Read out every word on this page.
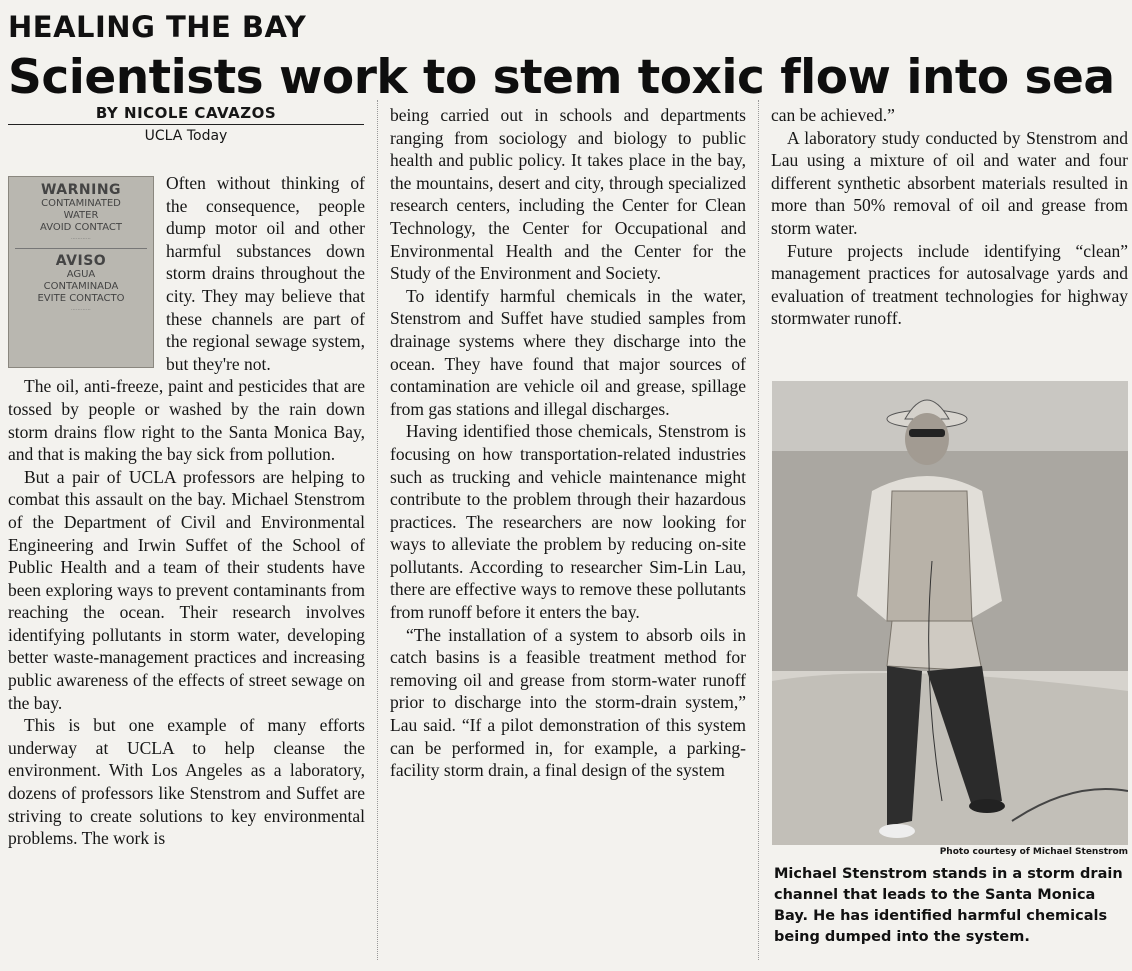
HEALING THE BAY
Scientists work to stem toxic flow into sea
BY NICOLE CAVAZOS
UCLA Today
WARNING
CONTAMINATED
WATER
AVOID CONTACT
⋯⋯⋯⋯
AVISO
AGUA
CONTAMINADA
EVITE CONTACTO
⋯⋯⋯⋯

Often without thinking of the consequence, people dump motor oil and other harmful substances down storm drains throughout the city. They may believe that these channels are part of the regional sewage system, but they're not.

The oil, anti-freeze, paint and pesticides that are tossed by people or washed by the rain down storm drains flow right to the Santa Monica Bay, and that is making the bay sick from pollution.

But a pair of UCLA professors are helping to combat this assault on the bay. Michael Stenstrom of the Department of Civil and Environmental Engineering and Irwin Suffet of the School of Public Health and a team of their students have been exploring ways to prevent contaminants from reaching the ocean. Their research involves identifying pollutants in storm water, developing better waste-management practices and increasing public awareness of the effects of street sewage on the bay.

This is but one example of many efforts underway at UCLA to help cleanse the environment. With Los Angeles as a laboratory, dozens of professors like Stenstrom and Suffet are striving to create solutions to key environmental problems. The work is

being carried out in schools and departments ranging from sociology and biology to public health and public policy. It takes place in the bay, the mountains, desert and city, through specialized research centers, including the Center for Clean Technology, the Center for Occupational and Environmental Health and the Center for the Study of the Environment and Society.

To identify harmful chemicals in the water, Stenstrom and Suffet have studied samples from drainage systems where they discharge into the ocean. They have found that major sources of contamination are vehicle oil and grease, spillage from gas stations and illegal discharges.

Having identified those chemicals, Stenstrom is focusing on how transportation-related industries such as trucking and vehicle maintenance might contribute to the problem through their hazardous practices. The researchers are now looking for ways to alleviate the problem by reducing on-site pollutants. According to researcher Sim-Lin Lau, there are effective ways to remove these pollutants from runoff before it enters the bay.

“The installation of a system to absorb oils in catch basins is a feasible treatment method for removing oil and grease from storm-water runoff prior to discharge into the storm-drain system,” Lau said. “If a pilot demonstration of this system can be performed in, for example, a parking-facility storm drain, a final design of the system

can be achieved.”

A laboratory study conducted by Stenstrom and Lau using a mixture of oil and water and four different synthetic absorbent materials resulted in more than 50% removal of oil and grease from storm water.

Future projects include identifying “clean” management practices for autosalvage yards and evaluation of treatment technologies for highway stormwater runoff.

Photo courtesy of Michael Stenstrom
Michael Stenstrom stands in a storm drain channel that leads to the Santa Monica Bay. He has identified harmful chemicals being dumped into the system.
